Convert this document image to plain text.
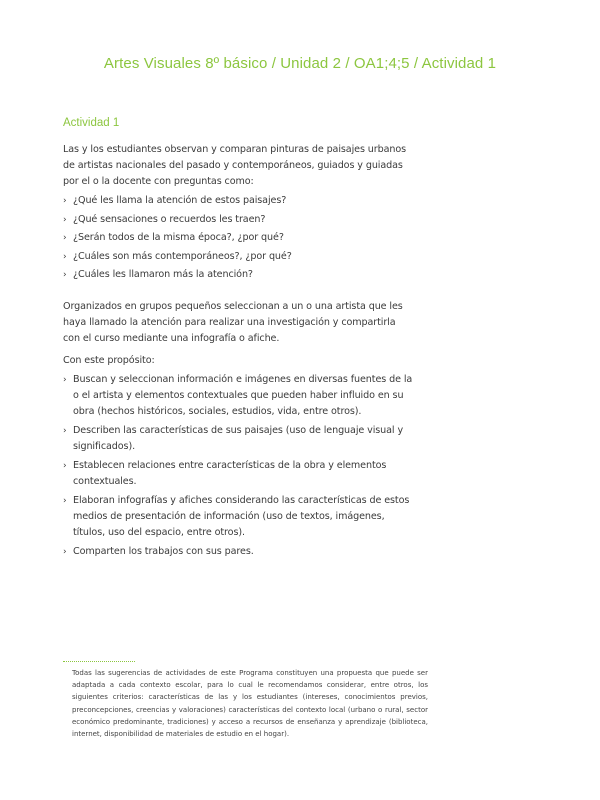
Artes Visuales 8º básico / Unidad 2 / OA1;4;5 / Actividad 1
Actividad 1

Las y los estudiantes observan y comparan pinturas de paisajes urbanos de artistas nacionales del pasado y contemporáneos, guiados y guiadas por el o la docente con preguntas como:

› ¿Qué les llama la atención de estos paisajes?
› ¿Qué sensaciones o recuerdos les traen?
› ¿Serán todos de la misma época?, ¿por qué?
› ¿Cuáles son más contemporáneos?, ¿por qué?
› ¿Cuáles les llamaron más la atención?

Organizados en grupos pequeños seleccionan a un o una artista que les haya llamado la atención para realizar una investigación y compartirla con el curso mediante una infografía o afiche.

Con este propósito:

› Buscan y seleccionan información e imágenes en diversas fuentes de la o el artista y elementos contextuales que pueden haber influido en su obra (hechos históricos, sociales, estudios, vida, entre otros).
› Describen las características de sus paisajes (uso de lenguaje visual y significados).
› Establecen relaciones entre características de la obra y elementos contextuales.
› Elaboran infografías y afiches considerando las características de estos medios de presentación de información (uso de textos, imágenes, títulos, uso del espacio, entre otros).
› Comparten los trabajos con sus pares.
Todas las sugerencias de actividades de este Programa constituyen una propuesta que puede ser adaptada a cada contexto escolar, para lo cual le recomendamos considerar, entre otros, los siguientes criterios: características de las y los estudiantes (intereses, conocimientos previos, preconcepciones, creencias y valoraciones) características del contexto local (urbano o rural, sector económico predominante, tradiciones) y acceso a recursos de enseñanza y aprendizaje (biblioteca, internet, disponibilidad de materiales de estudio en el hogar).
